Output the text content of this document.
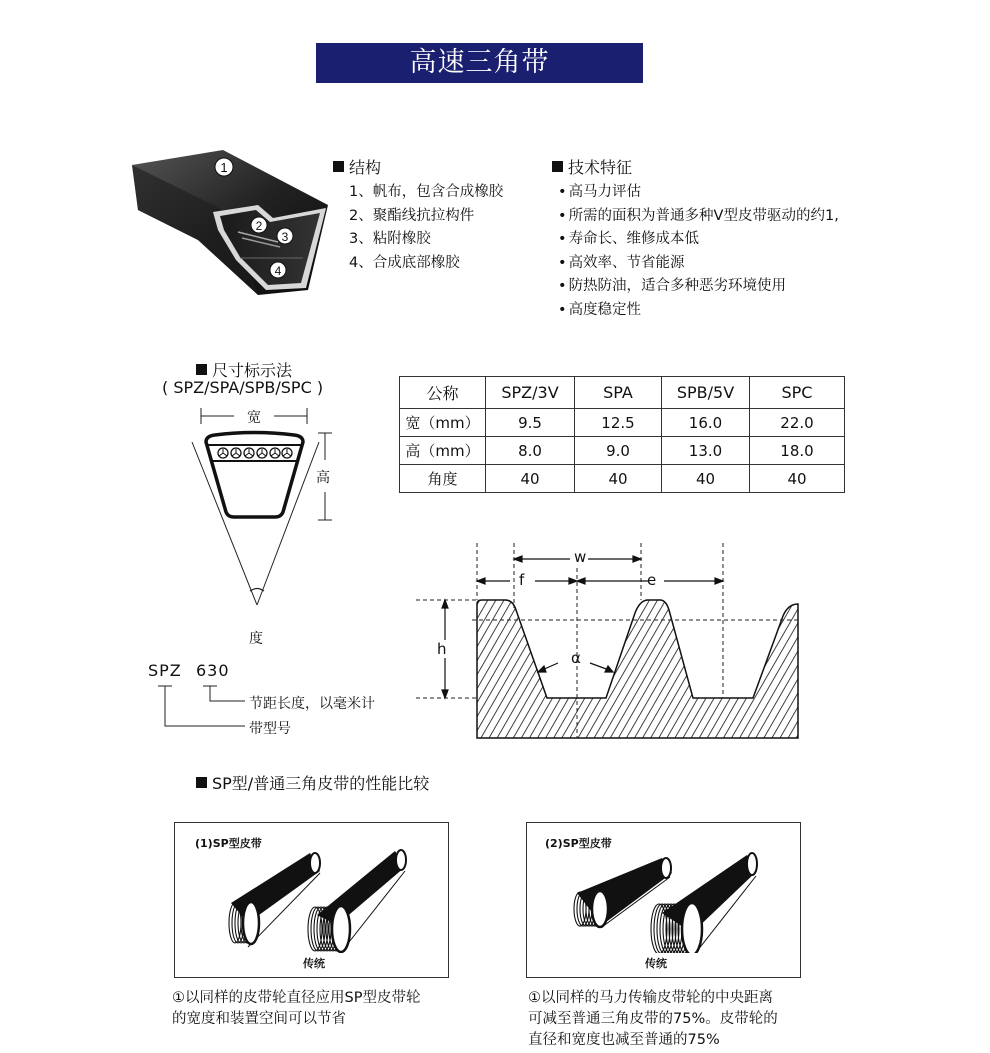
高速三角带
1
2
3
4
结构
1、帆布，包含合成橡胶
2、聚酯线抗拉构件
3、粘附橡胶
4、合成底部橡胶
技术特征
• 高马力评估
• 所需的面积为普通多种V型皮带驱动的约1,
• 寿命长、维修成本低
• 高效率、节省能源
• 防热防油，适合多种恶劣环境使用
• 高度稳定性
尺寸标示法
( SPZ/SPA/SPB/SPC )
宽
高
度
SPZ 630
节距长度，以毫米计
带型号
公称	SPZ/3V	SPA	SPB/5V	SPC
宽（mm）	9.5	12.5	16.0	22.0
高（mm）	8.0	9.0	13.0	18.0
角度	40	40	40	40
w
f	e
h	α
SP型/普通三角皮带的性能比较
(1)SP型皮带
传统
①以同样的皮带轮直径应用SP型皮带轮
的宽度和装置空间可以节省
(2)SP型皮带
传统
①以同样的马力传输皮带轮的中央距离
可减至普通三角皮带的75%。皮带轮的
直径和宽度也减至普通的75%
